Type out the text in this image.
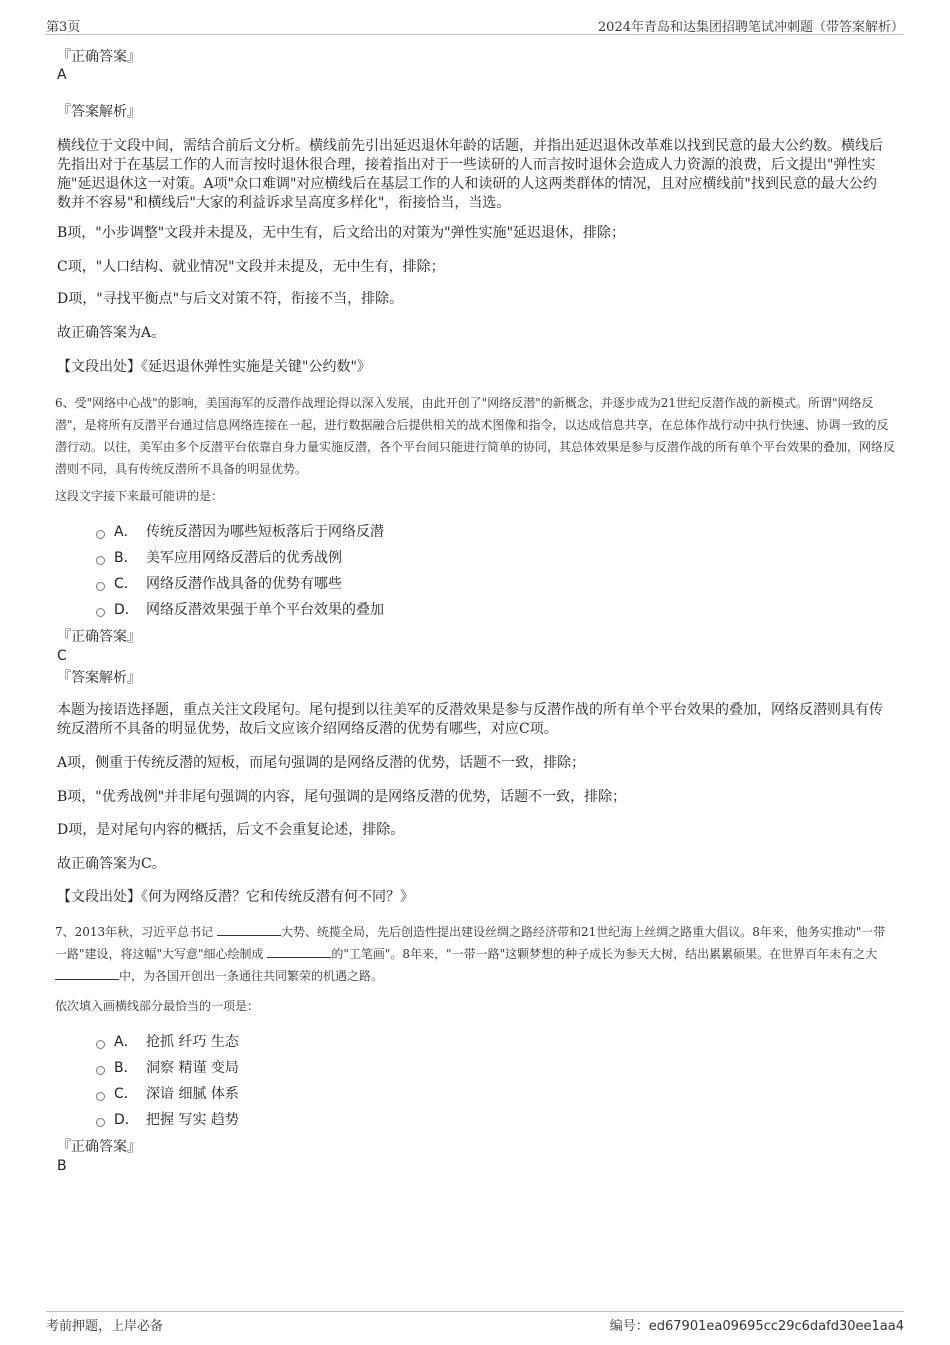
第3页	2024年青岛和达集团招聘笔试冲刺题（带答案解析）
『正确答案』
A
『答案解析』
横线位于文段中间，需结合前后文分析。横线前先引出延迟退休年龄的话题，并指出延迟退休改革难以找到民意的最大公约数。横线后先指出对于在基层工作的人而言按时退休很合理，接着指出对于一些读研的人而言按时退休会造成人力资源的浪费，后文提出"弹性实施"延迟退休这一对策。A项"众口难调"对应横线后在基层工作的人和读研的人这两类群体的情况，且对应横线前"找到民意的最大公约数并不容易"和横线后"大家的利益诉求呈高度多样化"，衔接恰当，当选。
B项，"小步调整"文段并未提及，无中生有，后文给出的对策为"弹性实施"延迟退休，排除；
C项，"人口结构、就业情况"文段并未提及，无中生有，排除；
D项，"寻找平衡点"与后文对策不符，衔接不当，排除。
故正确答案为A。
【文段出处】《延迟退休弹性实施是关键"公约数"》
6、受"网络中心战"的影响，美国海军的反潜作战理论得以深入发展，由此开创了"网络反潜"的新概念，并逐步成为21世纪反潜作战的新模式。所谓"网络反潜"，是将所有反潜平台通过信息网络连接在一起，进行数据融合后提供相关的战术图像和指令，以达成信息共享，在总体作战行动中执行快速、协调一致的反潜行动。以往，美军由多个反潜平台依靠自身力量实施反潜，各个平台间只能进行简单的协同，其总体效果是参与反潜作战的所有单个平台效果的叠加，网络反潜则不同，具有传统反潜所不具备的明显优势。
这段文字接下来最可能讲的是：
A． 传统反潜因为哪些短板落后于网络反潜
B． 美军应用网络反潜后的优秀战例
C． 网络反潜作战具备的优势有哪些
D． 网络反潜效果强于单个平台效果的叠加
『正确答案』
C
『答案解析』
本题为接语选择题，重点关注文段尾句。尾句提到以往美军的反潜效果是参与反潜作战的所有单个平台效果的叠加，网络反潜则具有传统反潜所不具备的明显优势，故后文应该介绍网络反潜的优势有哪些，对应C项。
A项，侧重于传统反潜的短板，而尾句强调的是网络反潜的优势，话题不一致，排除；
B项，"优秀战例"并非尾句强调的内容，尾句强调的是网络反潜的优势，话题不一致，排除；
D项，是对尾句内容的概括，后文不会重复论述，排除。
故正确答案为C。
【文段出处】《何为网络反潜？它和传统反潜有何不同？》
7、2013年秋，习近平总书记	大势、统揽全局，先后创造性提出建设丝绸之路经济带和21世纪海上丝绸之路重大倡议。8年来，他务实推动"一带一路"建设，将这幅"大写意"细心绘制成	的"工笔画"。8年来，"一带一路"这颗梦想的种子成长为参天大树，结出累累硕果。在世界百年未有之大 中，为各国开创出一条通往共同繁荣的机遇之路。
依次填入画横线部分最恰当的一项是：
A． 抢抓 纤巧 生态
B． 洞察 精谨 变局
C． 深谙 细腻 体系
D． 把握 写实 趋势
『正确答案』
B
考前押题，上岸必备	编号：ed67901ea09695cc29c6dafd30ee1aa4
